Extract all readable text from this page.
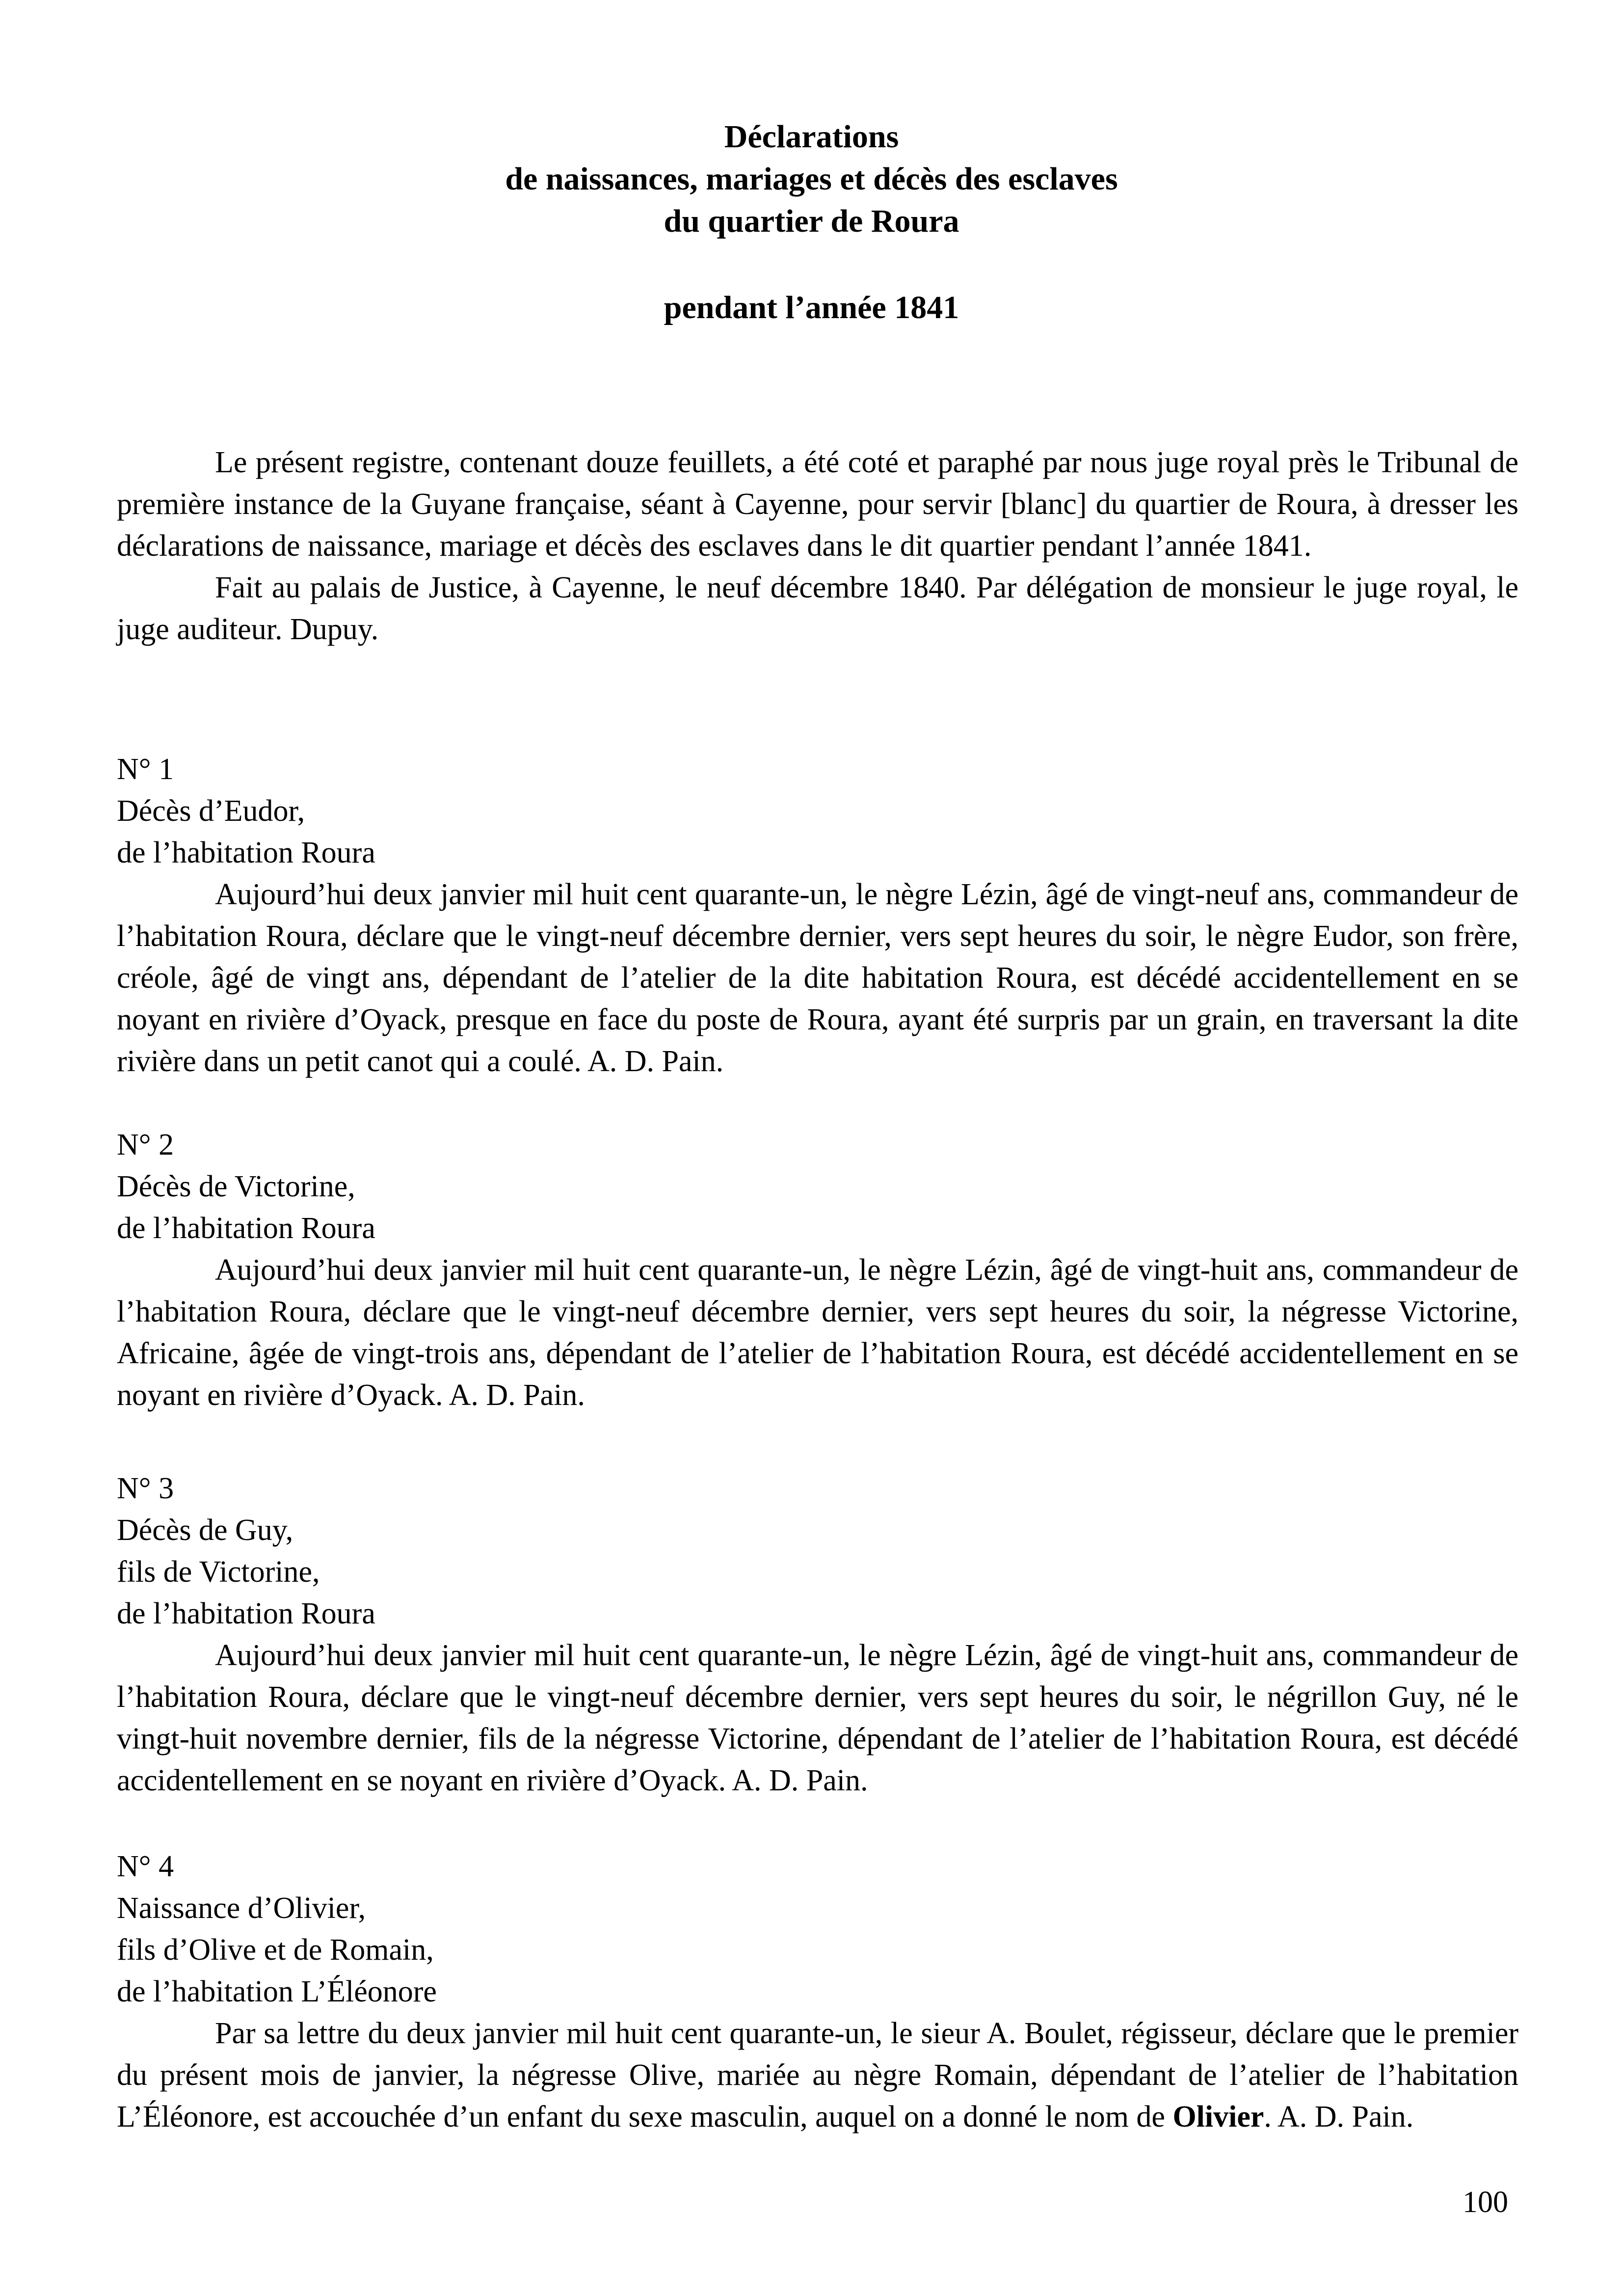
Déclarations
de naissances, mariages et décès des esclaves
du quartier de Roura
pendant l’année 1841

Le présent registre, contenant douze feuillets, a été coté et paraphé par nous juge royal près le Tribunal de première instance de la Guyane française, séant à Cayenne, pour servir [blanc] du quartier de Roura, à dresser les déclarations de naissance, mariage et décès des esclaves dans le dit quartier pendant l’année 1841.

Fait au palais de Justice, à Cayenne, le neuf décembre 1840. Par délégation de monsieur le juge royal, le juge auditeur. Dupuy.

N° 1
Décès d’Eudor,
de l’habitation Roura

Aujourd’hui deux janvier mil huit cent quarante-un, le nègre Lézin, âgé de vingt-neuf ans, commandeur de l’habitation Roura, déclare que le vingt-neuf décembre dernier, vers sept heures du soir, le nègre Eudor, son frère, créole, âgé de vingt ans, dépendant de l’atelier de la dite habitation Roura, est décédé accidentellement en se noyant en rivière d’Oyack, presque en face du poste de Roura, ayant été surpris par un grain, en traversant la dite rivière dans un petit canot qui a coulé. A. D. Pain.

N° 2
Décès de Victorine,
de l’habitation Roura

Aujourd’hui deux janvier mil huit cent quarante-un, le nègre Lézin, âgé de vingt-huit ans, commandeur de l’habitation Roura, déclare que le vingt-neuf décembre dernier, vers sept heures du soir, la négresse Victorine, Africaine, âgée de vingt-trois ans, dépendant de l’atelier de l’habitation Roura, est décédé accidentellement en se noyant en rivière d’Oyack. A. D. Pain.

N° 3
Décès de Guy,
fils de Victorine,
de l’habitation Roura

Aujourd’hui deux janvier mil huit cent quarante-un, le nègre Lézin, âgé de vingt-huit ans, commandeur de l’habitation Roura, déclare que le vingt-neuf décembre dernier, vers sept heures du soir, le négrillon Guy, né le vingt-huit novembre dernier, fils de la négresse Victorine, dépendant de l’atelier de l’habitation Roura, est décédé accidentellement en se noyant en rivière d’Oyack. A. D. Pain.

N° 4
Naissance d’Olivier,
fils d’Olive et de Romain,
de l’habitation L’Éléonore

Par sa lettre du deux janvier mil huit cent quarante-un, le sieur A. Boulet, régisseur, déclare que le premier du présent mois de janvier, la négresse Olive, mariée au nègre Romain, dépendant de l’atelier de l’habitation L’Éléonore, est accouchée d’un enfant du sexe masculin, auquel on a donné le nom de Olivier. A. D. Pain.

100
